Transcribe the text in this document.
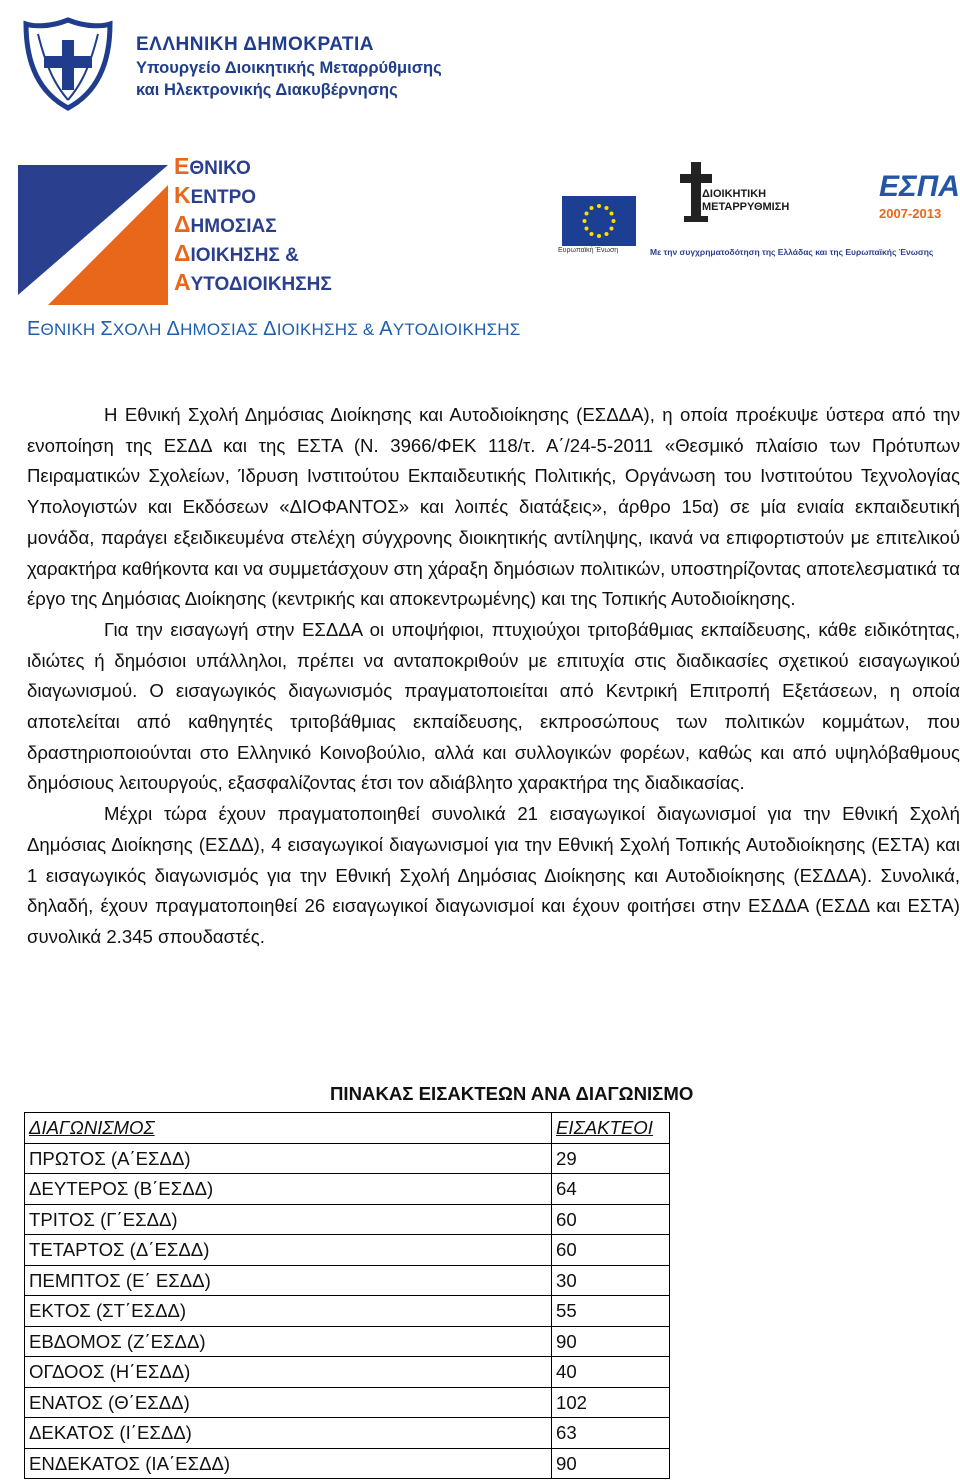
ΕΛΛΗΝΙΚΗ ΔΗΜΟΚΡΑΤΙΑ
Υπουργείο Διοικητικής Μεταρρύθμισης
και Ηλεκτρονικής Διακυβέρνησης
ΕΘΝΙΚΟ
ΚΕΝΤΡΟ
ΔΗΜΟΣΙΑΣ
ΔΙΟΙΚΗΣΗΣ &
ΑΥΤΟΔΙΟΙΚΗΣΗΣ
Ευρωπαϊκή Ένωση
ΔΙΟΙΚΗΤΙΚΗ
ΜΕΤΑΡΡΥΘΜΙΣΗ
ΕΣΠΑ
2007-2013
Με την συγχρηματοδότηση της Ελλάδας και της Ευρωπαϊκής Ένωσης
ΕΘΝΙΚΗ ΣΧΟΛΗ ΔΗΜΟΣΙΑΣ ΔΙΟΙΚΗΣΗΣ & ΑΥΤΟΔΙΟΙΚΗΣΗΣ

Η Εθνική Σχολή Δημόσιας Διοίκησης και Αυτοδιοίκησης (ΕΣΔΔΑ), η οποία προέκυψε ύστερα από την ενοποίηση της ΕΣΔΔ και της ΕΣΤΑ (Ν. 3966/ΦΕΚ 118/τ. Α΄/24-5-2011 «Θεσμικό πλαίσιο των Πρότυπων Πειραματικών Σχολείων, Ίδρυση Ινστιτούτου Εκπαιδευτικής Πολιτικής, Οργάνωση του Ινστιτούτου Τεχνολογίας Υπολογιστών και Εκδόσεων «ΔΙΟΦΑΝΤΟΣ» και λοιπές διατάξεις», άρθρο 15α) σε μία ενιαία εκπαιδευτική μονάδα, παράγει εξειδικευμένα στελέχη σύγχρονης διοικητικής αντίληψης, ικανά να επιφορτιστούν με επιτελικού χαρακτήρα καθήκοντα και να συμμετάσχουν στη χάραξη δημόσιων πολιτικών, υποστηρίζοντας αποτελεσματικά τα έργο της Δημόσιας Διοίκησης (κεντρικής και αποκεντρωμένης) και της Τοπικής Αυτοδιοίκησης.

Για την εισαγωγή στην ΕΣΔΔΑ οι υποψήφιοι, πτυχιούχοι τριτοβάθμιας εκπαίδευσης, κάθε ειδικότητας, ιδιώτες ή δημόσιοι υπάλληλοι, πρέπει να ανταποκριθούν με επιτυχία στις διαδικασίες σχετικού εισαγωγικού διαγωνισμού. Ο εισαγωγικός διαγωνισμός πραγματοποιείται από Κεντρική Επιτροπή Εξετάσεων, η οποία αποτελείται από καθηγητές τριτοβάθμιας εκπαίδευσης, εκπροσώπους των πολιτικών κομμάτων, που δραστηριοποιούνται στο Ελληνικό Κοινοβούλιο, αλλά και συλλογικών φορέων, καθώς και από υψηλόβαθμους δημόσιους λειτουργούς, εξασφαλίζοντας έτσι τον αδιάβλητο χαρακτήρα της διαδικασίας.

Μέχρι τώρα έχουν πραγματοποιηθεί συνολικά 21 εισαγωγικοί διαγωνισμοί για την Εθνική Σχολή Δημόσιας Διοίκησης (ΕΣΔΔ), 4 εισαγωγικοί διαγωνισμοί για την Εθνική Σχολή Τοπικής Αυτοδιοίκησης (ΕΣΤΑ) και 1 εισαγωγικός διαγωνισμός για την Εθνική Σχολή Δημόσιας Διοίκησης και Αυτοδιοίκησης (ΕΣΔΔΑ). Συνολικά, δηλαδή, έχουν πραγματοποιηθεί 26 εισαγωγικοί διαγωνισμοί και έχουν φοιτήσει στην ΕΣΔΔΑ (ΕΣΔΔ και ΕΣΤΑ) συνολικά 2.345 σπουδαστές.

ΠΙΝΑΚΑΣ ΕΙΣΑΚΤΕΩΝ ΑΝΑ ΔΙΑΓΩΝΙΣΜΟ
ΔΙΑΓΩΝΙΣΜΟΣ	ΕΙΣΑΚΤΕΟΙ
ΠΡΩΤΟΣ (Α΄ΕΣΔΔ)	29
ΔΕΥΤΕΡΟΣ (Β΄ΕΣΔΔ)	64
ΤΡΙΤΟΣ (Γ΄ΕΣΔΔ)	60
ΤΕΤΑΡΤΟΣ (Δ΄ΕΣΔΔ)	60
ΠΕΜΠΤΟΣ (Ε΄ ΕΣΔΔ)	30
ΕΚΤΟΣ (ΣΤ΄ΕΣΔΔ)	55
ΕΒΔΟΜΟΣ (Ζ΄ΕΣΔΔ)	90
ΟΓΔΟΟΣ (Η΄ΕΣΔΔ)	40
ΕΝΑΤΟΣ (Θ΄ΕΣΔΔ)	102
ΔΕΚΑΤΟΣ (Ι΄ΕΣΔΔ)	63
ΕΝΔΕΚΑΤΟΣ (ΙΑ΄ΕΣΔΔ)	90
